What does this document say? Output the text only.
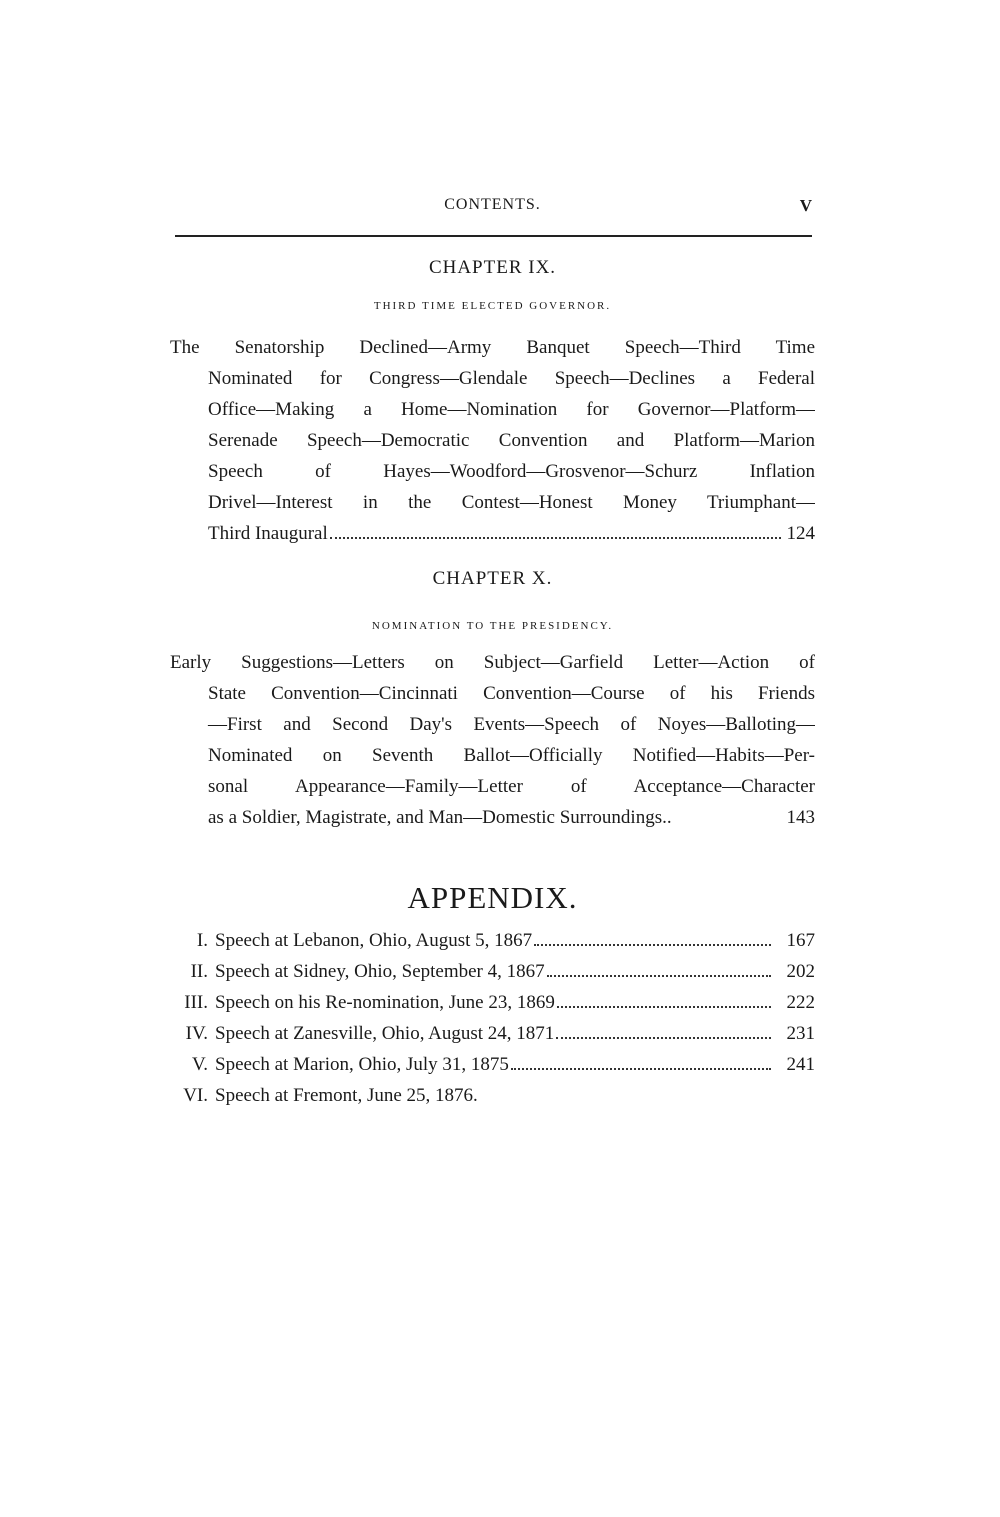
CONTENTS.	V
CHAPTER IX.
THIRD TIME ELECTED GOVERNOR.
The Senatorship Declined—Army Banquet Speech—Third Time
Nominated for Congress—Glendale Speech—Declines a Federal
Office—Making a Home—Nomination for Governor—Platform—
Serenade Speech—Democratic Convention and Platform—Marion
Speech of Hayes—Woodford—Grosvenor—Schurz Inflation
Drivel—Interest in the Contest—Honest Money Triumphant—
Third Inaugural	124
CHAPTER X.
NOMINATION TO THE PRESIDENCY.
Early Suggestions—Letters on Subject—Garfield Letter—Action of
State Convention—Cincinnati Convention—Course of his Friends
—First and Second Day's Events—Speech of Noyes—Balloting—
Nominated on Seventh Ballot—Officially Notified—Habits—Per-
sonal Appearance—Family—Letter of Acceptance—Character
as a Soldier, Magistrate, and Man—Domestic Surroundings..	143
APPENDIX.
I. Speech at Lebanon, Ohio, August 5, 1867	167
II. Speech at Sidney, Ohio, September 4, 1867	202
III. Speech on his Re-nomination, June 23, 1869	222
IV. Speech at Zanesville, Ohio, August 24, 1871	231
V. Speech at Marion, Ohio, July 31, 1875	241
VI. Speech at Fremont, June 25, 1876.
